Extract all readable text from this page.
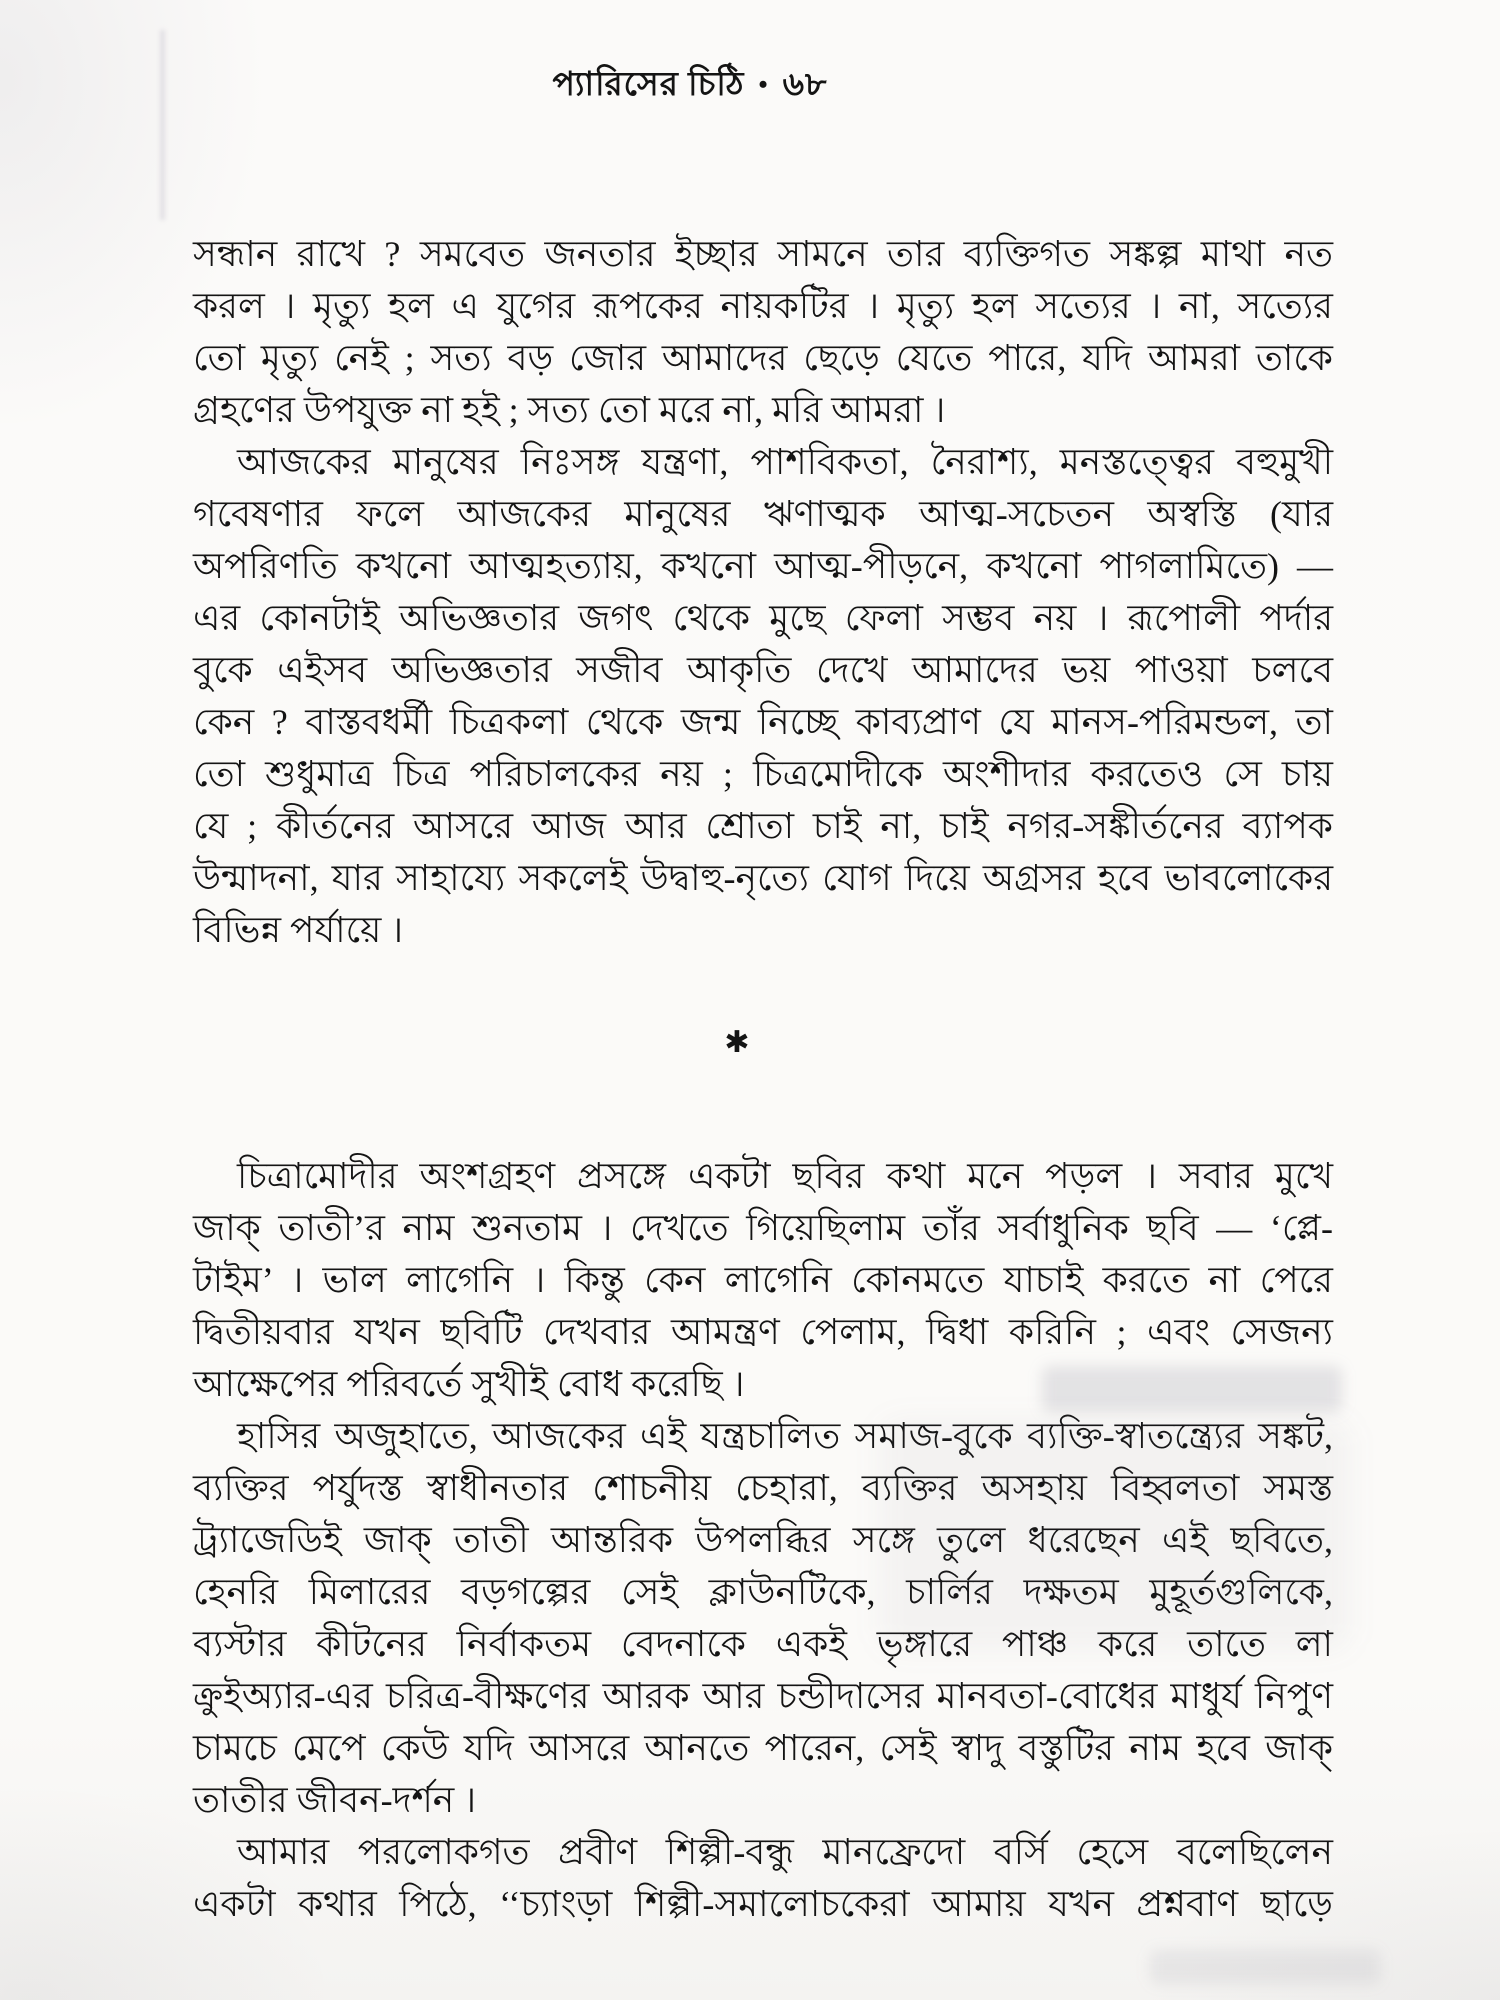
প্যারিসের চিঠি • ৬৮
সন্ধান রাখে ? সমবেত জনতার ইচ্ছার সামনে তার ব্যক্তিগত সঙ্কল্প মাথা নত
করল । মৃত্যু হল এ যুগের রূপকের নায়কটির । মৃত্যু হল সত্যের । না, সত্যের
তো মৃত্যু নেই ; সত্য বড় জোর আমাদের ছেড়ে যেতে পারে, যদি আমরা তাকে
গ্রহণের উপযুক্ত না হই ; সত্য তো মরে না, মরি আমরা ।
আজকের মানুষের নিঃসঙ্গ যন্ত্রণা, পাশবিকতা, নৈরাশ্য, মনস্তত্ত্বের বহুমুখী
গবেষণার ফলে আজকের মানুষের ঋণাত্মক আত্ম-সচেতন অস্বস্তি (যার
অপরিণতি কখনো আত্মহত্যায়, কখনো আত্ম-পীড়নে, কখনো পাগলামিতে) —
এর কোনটাই অভিজ্ঞতার জগৎ থেকে মুছে ফেলা সম্ভব নয় । রূপোলী পর্দার
বুকে এইসব অভিজ্ঞতার সজীব আকৃতি দেখে আমাদের ভয় পাওয়া চলবে
কেন ? বাস্তবধর্মী চিত্রকলা থেকে জন্ম নিচ্ছে কাব্যপ্রাণ যে মানস-পরিমন্ডল, তা
তো শুধুমাত্র চিত্র পরিচালকের নয় ; চিত্রমোদীকে অংশীদার করতেও সে চায়
যে ; কীর্তনের আসরে আজ আর শ্রোতা চাই না, চাই নগর-সঙ্কীর্তনের ব্যাপক
উন্মাদনা, যার সাহায্যে সকলেই উদ্বাহু-নৃত্যে যোগ দিয়ে অগ্রসর হবে ভাবলোকের
বিভিন্ন পর্যায়ে ।
✱
চিত্রামোদীর অংশগ্রহণ প্রসঙ্গে একটা ছবির কথা মনে পড়ল । সবার মুখে
জাক্ তাতী’র নাম শুনতাম । দেখতে গিয়েছিলাম তাঁর সর্বাধুনিক ছবি — ‘প্লে-
টাইম’ । ভাল লাগেনি । কিন্তু কেন লাগেনি কোনমতে যাচাই করতে না পেরে
দ্বিতীয়বার যখন ছবিটি দেখবার আমন্ত্রণ পেলাম, দ্বিধা করিনি ; এবং সেজন্য
আক্ষেপের পরিবর্তে সুখীই বোধ করেছি ।
হাসির অজুহাতে, আজকের এই যন্ত্রচালিত সমাজ-বুকে ব্যক্তি-স্বাতন্ত্র্যের সঙ্কট,
ব্যক্তির পর্যুদস্ত স্বাধীনতার শোচনীয় চেহারা, ব্যক্তির অসহায় বিহ্বলতা সমস্ত
ট্র্যাজেডিই জাক্ তাতী আন্তরিক উপলব্ধির সঙ্গে তুলে ধরেছেন এই ছবিতে,
হেনরি মিলারের বড়গল্পের সেই ক্লাউনটিকে, চার্লির দক্ষতম মুহূর্তগুলিকে,
ব্যস্টার কীটনের নির্বাকতম বেদনাকে একই ভৃঙ্গারে পাঞ্চ করে তাতে লা
ক্রুইঅ্যার-এর চরিত্র-বীক্ষণের আরক আর চন্ডীদাসের মানবতা-বোধের মাধুর্য নিপুণ
চামচে মেপে কেউ যদি আসরে আনতে পারেন, সেই স্বাদু বস্তুটির নাম হবে জাক্
তাতীর জীবন-দর্শন ।
আমার পরলোকগত প্রবীণ শিল্পী-বন্ধু মানফ্রেদো বর্সি হেসে বলেছিলেন
একটা কথার পিঠে, ‘‘চ্যাংড়া শিল্পী-সমালোচকেরা আমায় যখন প্রশ্নবাণ ছাড়ে
